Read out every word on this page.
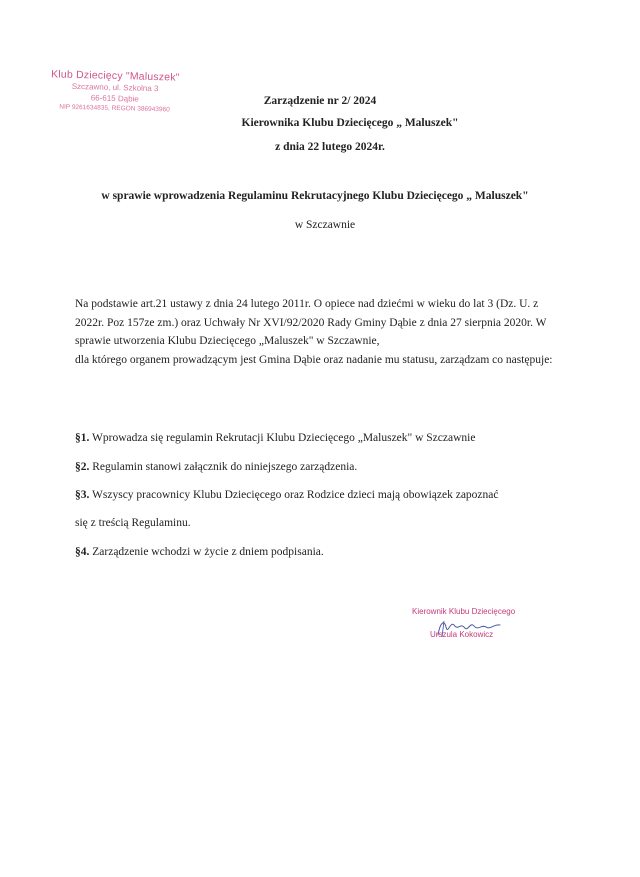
Klub Dziecięcy "Maluszek"
Szczawno, ul. Szkolna 3
66-615 Dąbie
NIP 9261634835, REGON 386943960
Zarządzenie nr 2/ 2024
Kierownika Klubu Dziecięcego „ Maluszek"
z dnia 22 lutego 2024r.
w sprawie wprowadzenia Regulaminu Rekrutacyjnego Klubu Dziecięcego „ Maluszek"
w Szczawnie

Na podstawie art.21 ustawy z dnia 24 lutego 2011r. O opiece nad dziećmi w wieku do lat 3 (Dz. U. z 2022r. Poz 157ze zm.) oraz Uchwały Nr XVI/92/2020 Rady Gminy Dąbie z dnia 27 sierpnia 2020r. W sprawie utworzenia Klubu Dziecięcego „Maluszek" w Szczawnie,

dla którego organem prowadzącym jest Gmina Dąbie oraz nadanie mu statusu, zarządzam co następuje:

§1. Wprowadza się regulamin Rekrutacji Klubu Dziecięcego „Maluszek" w Szczawnie
§2. Regulamin stanowi załącznik do niniejszego zarządzenia.
§3. Wszyscy pracownicy Klubu Dziecięcego oraz Rodzice dzieci mają obowiązek zapoznać
się z treścią Regulaminu.
§4. Zarządzenie wchodzi w życie z dniem podpisania.
Kierownik Klubu Dziecięcego
Urszula Kokowicz
